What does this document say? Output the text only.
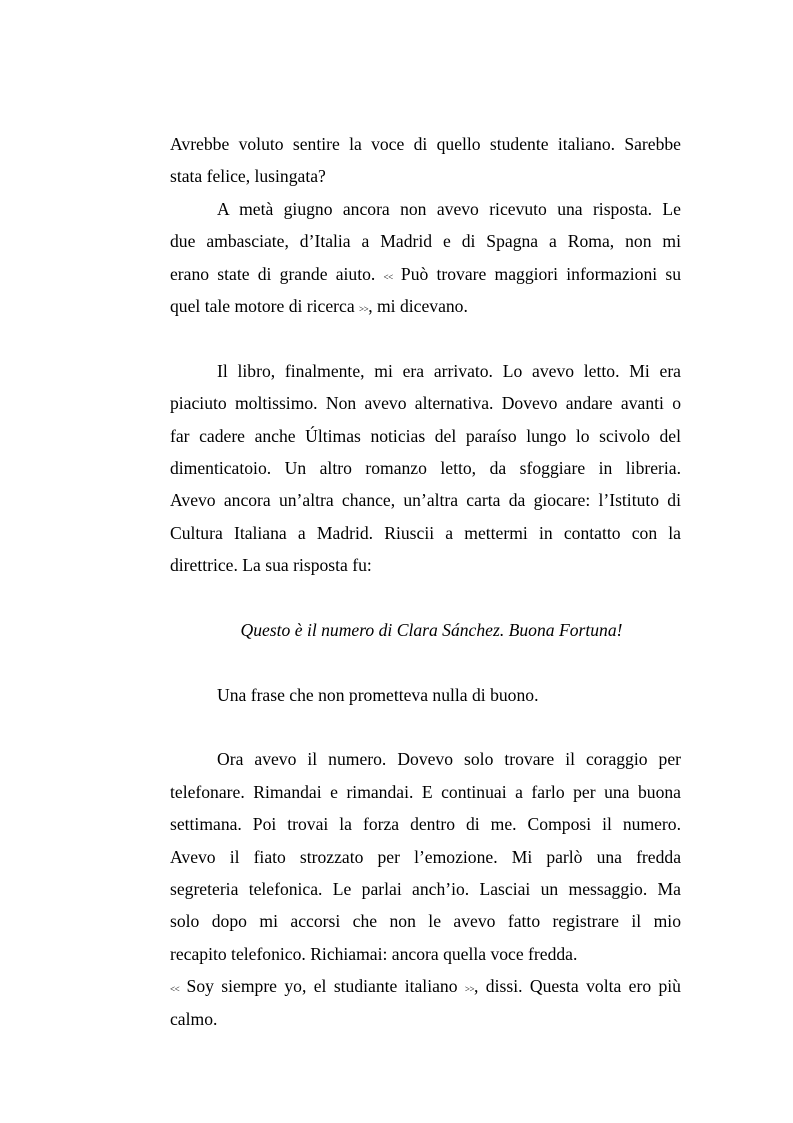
Avrebbe voluto sentire la voce di quello studente italiano. Sarebbe
stata felice, lusingata?
A metà giugno ancora non avevo ricevuto una risposta. Le
due ambasciate, d’Italia a Madrid e di Spagna a Roma, non mi
erano state di grande aiuto. << Può trovare maggiori informazioni su
quel tale motore di ricerca >>, mi dicevano.
Il libro, finalmente, mi era arrivato. Lo avevo letto. Mi era
piaciuto moltissimo. Non avevo alternativa. Dovevo andare avanti o
far cadere anche Últimas noticias del paraíso lungo lo scivolo del
dimenticatoio. Un altro romanzo letto, da sfoggiare in libreria.
Avevo ancora un’altra chance, un’altra carta da giocare: l’Istituto di
Cultura Italiana a Madrid. Riuscii a mettermi in contatto con la
direttrice. La sua risposta fu:
Questo è il numero di Clara Sánchez. Buona Fortuna!
Una frase che non prometteva nulla di buono.
Ora avevo il numero. Dovevo solo trovare il coraggio per
telefonare. Rimandai e rimandai. E continuai a farlo per una buona
settimana. Poi trovai la forza dentro di me. Composi il numero.
Avevo il fiato strozzato per l’emozione. Mi parlò una fredda
segreteria telefonica. Le parlai anch’io. Lasciai un messaggio. Ma
solo dopo mi accorsi che non le avevo fatto registrare il mio
recapito telefonico. Richiamai: ancora quella voce fredda.
<< Soy siempre yo, el studiante italiano >>, dissi. Questa volta ero più
calmo.
